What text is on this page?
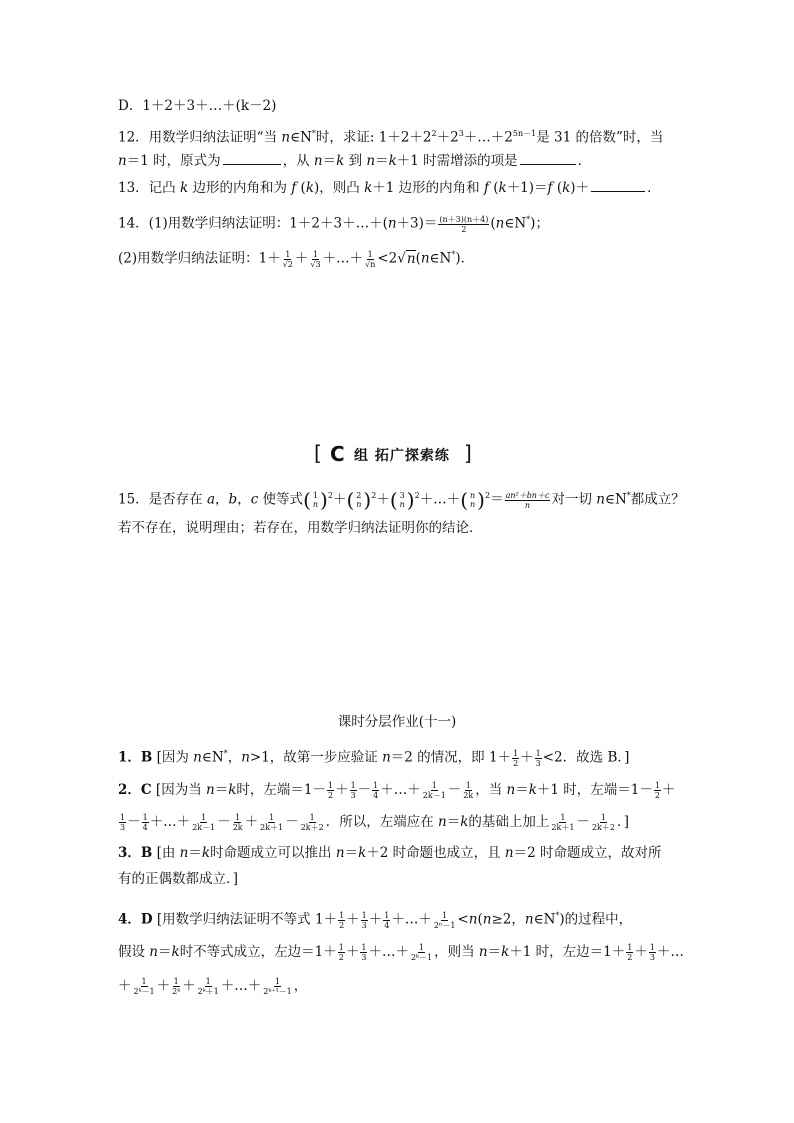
D．1＋2＋3＋…＋(k－2)
12．用数学归纳法证明“当 n∈N*时，求证: $1+2+2^2+2^3+\dots+2^{5n-1}$是 31 的倍数”时，当
n＝1 时，原式为	，从 n＝k 到 n＝k＋1 时需增添的项是	．
13．记凸 k 边形的内角和为 f (k)，则凸 k＋1 边形的内角和 f (k＋1)＝f (k)＋	．
14．(1)用数学归纳法证明：1＋2＋3＋…＋(n＋3)＝ $\frac{(n+3)(n+4)}{2}$ (n∈N*)；
(2)用数学归纳法证明：$1+ \frac{1}{√2} + \frac{1}{√3}$ ＋…＋ $\frac{1}{√n}$ <2√n(n∈N*)．
[ C 组 拓广探索练 ]
15．是否存在 a，b，c 使等式( 1
n )$^2$＋( 2
n )$^2$＋( 3
n )$^2$＋…＋( n
n )$^2= \frac{\text{an²＋bn＋c}}{n}$ 对一切 n∈N*都成立？
若不存在，说明理由；若存在，用数学归纳法证明你的结论．
课时分层作业(十一)
1．B [因为 n∈N*，n>1，故第一步应验证 n＝2 的情况，即 $1+ \frac{1}{2} + \frac{1}{3} <2$．故选 B．]
2．C [因为当 n＝k时，左端$=1- \frac{1}{2} + \frac{1}{3} - \frac{1}{4}$ ＋…＋ $\frac{1}{2k-1} - \frac{1}{2k}$ ，当 n＝k＋1 时，左端$=1- \frac{1}{2}$ ＋
$\frac{1}{3} - \frac{1}{4}$ ＋…＋ $\frac{1}{2k-1} - \frac{1}{2k} + \frac{1}{2k+1} - \frac{1}{2k+2}$ ．所以，左端应在 n＝k的基础上加上 $\frac{1}{2k+1} - \frac{1}{2k+2}$ ．]
3．B [由 n＝k时命题成立可以推出 n＝k＋2 时命题也成立，且 n＝2 时命题成立，故对所
有的正偶数都成立．]
4．D [用数学归纳法证明不等式 $1+ \frac{1}{2} + \frac{1}{3} + \frac{1}{4}$ ＋…＋ $\frac{1}{\text{2ⁿ－1}} <n(n\ge 2$，n∈N*)的过程中，
假设 n＝k时不等式成立，左边$=1+ \frac{1}{2} + \frac{1}{3}$ ＋…＋ $\frac{1}{\text{2ᵏ－1}}$ ，则当 n＝k＋1 时，左边$=1+ \frac{1}{2} + \frac{1}{3}$ ＋…
＋ $\frac{1}{\text{2ᵏ－1}} + \frac{1}{\text{2ᵏ}} + \frac{1}{\text{2ᵏ＋1}}$ ＋…＋ $\frac{1}{\text{2ᵏ⁺¹－1}}$ ，
